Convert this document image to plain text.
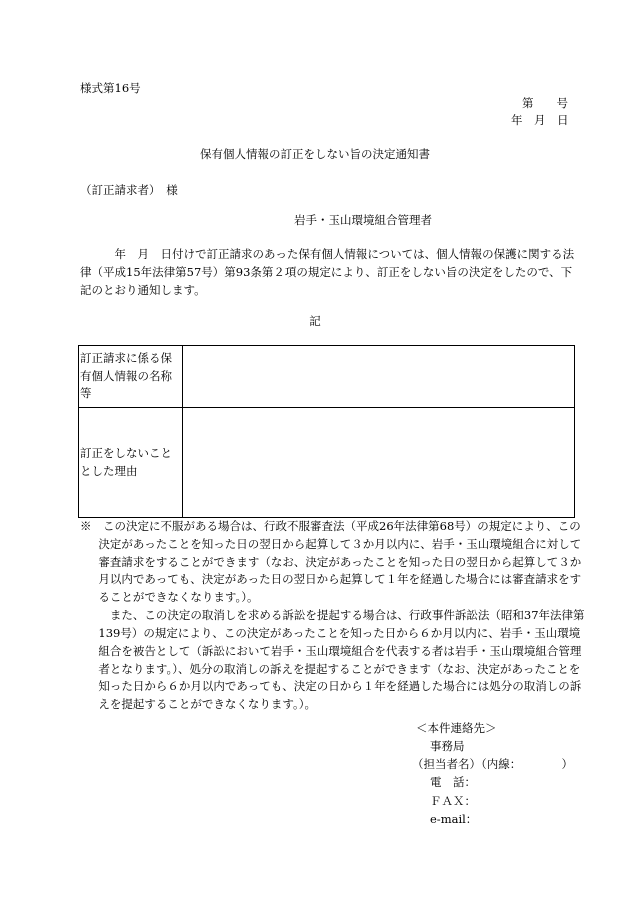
様式第16号
第　　号
年　月　日
保有個人情報の訂正をしない旨の決定通知書
（訂正請求者）　様
岩手・玉山環境組合管理者

年　月　日付けで訂正請求のあった保有個人情報については、個人情報の保護に関する法律（平成15年法律第57号）第93条第２項の規定により、訂正をしない旨の決定をしたので、下記のとおり通知します。

記
訂正請求に係る保有個人情報の名称等	
訂正をしないこととした理由	

※　この決定に不服がある場合は、行政不服審査法（平成26年法律第68号）の規定により、この決定があったことを知った日の翌日から起算して３か月以内に、岩手・玉山環境組合に対して審査請求をすることができます（なお、決定があったことを知った日の翌日から起算して３か月以内であっても、決定があった日の翌日から起算して１年を経過した場合には審査請求をすることができなくなります。）。

また、この決定の取消しを求める訴訟を提起する場合は、行政事件訴訟法（昭和37年法律第139号）の規定により、この決定があったことを知った日から６か月以内に、岩手・玉山環境組合を被告として（訴訟において岩手・玉山環境組合を代表する者は岩手・玉山環境組合管理者となります。）、処分の取消しの訴えを提起することができます（なお、決定があったことを知った日から６か月以内であっても、決定の日から１年を経過した場合には処分の取消しの訴えを提起することができなくなります。）。

＜本件連絡先＞
事務局
（担当者名）（内線：　　　　）
電　話：
ＦＡＸ：
e-mail：
